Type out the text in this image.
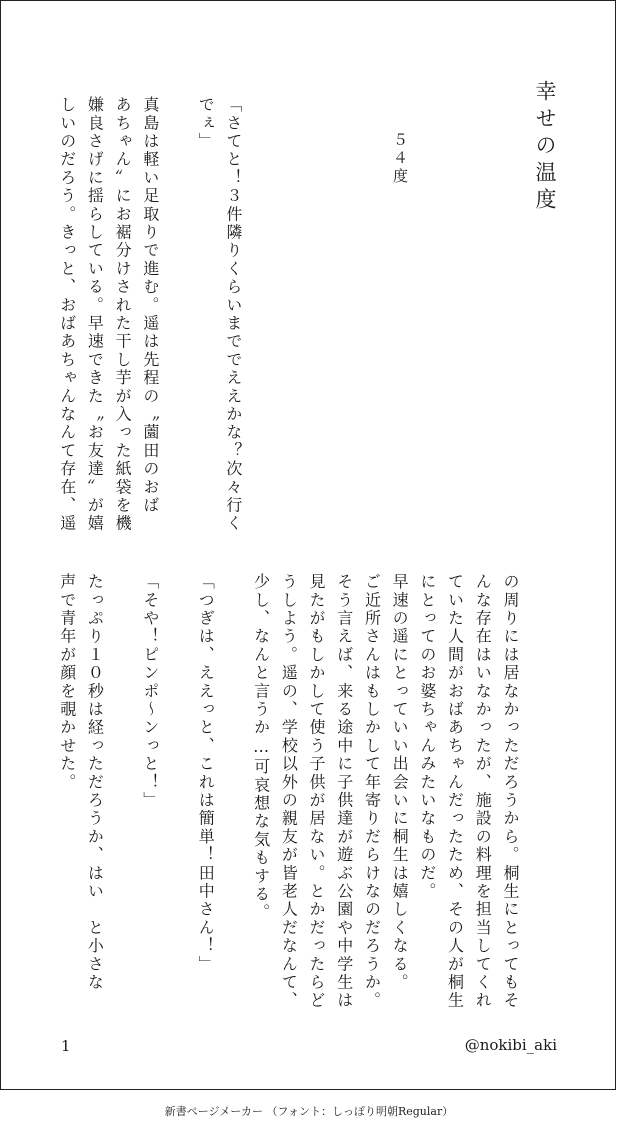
幸せの温度

５４度

「さてと！３件隣りくらいまででええかな？次々行く
でぇ」

真島は軽い足取りで進む。遥は先程の〝薗田のおば
あちゃん〟にお裾分けされた干し芋が入った紙袋を機
嫌良さげに揺らしている。早速できた〝お友達〟が嬉
しいのだろう。きっと、おばあちゃんなんて存在、遥

の周りには居なかっただろうから。桐生にとってもそ
んな存在はいなかったが、施設の料理を担当してくれ
ていた人間がおばあちゃんだったため、その人が桐生
にとってのお婆ちゃんみたいなものだ。
早速の遥にとっていい出会いに桐生は嬉しくなる。
ご近所さんはもしかして年寄りだらけなのだろうか。
そう言えば、来る途中に子供達が遊ぶ公園や中学生は
見たがもしかして使う子供が居ない。とかだったらど
うしよう。遥の、学校以外の親友が皆老人だなんて、
少し、なんと言うか…可哀想な気もする。

「つぎは、ええっと、これは簡単！田中さん！」

「そや！ピンポ〜ンっと！」

たっぷり１０秒は経っただろうか、はい　と小さな
声で青年が顔を覗かせた。

1	@nokibi_aki

新書ページメーカー （フォント：しっぽり明朝Regular）
